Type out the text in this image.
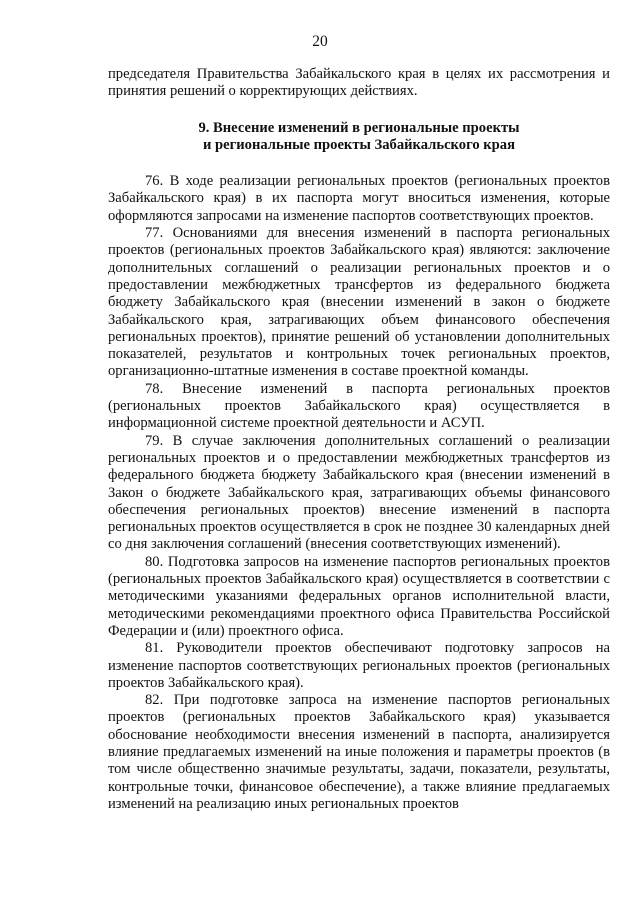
20

председателя Правительства Забайкальского края в целях их рассмотрения и принятия решений о корректирующих действиях.

9. Внесение изменений в региональные проекты
и региональные проекты Забайкальского края

76. В ходе реализации региональных проектов (региональных проектов Забайкальского края) в их паспорта могут вноситься изменения, которые оформляются запросами на изменение паспортов соответствующих проектов.

77. Основаниями для внесения изменений в паспорта региональных проектов (региональных проектов Забайкальского края) являются: заключение дополнительных соглашений о реализации региональных проектов и о предоставлении межбюджетных трансфертов из федерального бюджета бюджету Забайкальского края (внесении изменений в закон о бюджете Забайкальского края, затрагивающих объем финансового обеспечения региональных проектов), принятие решений об установлении дополнительных показателей, результатов и контрольных точек региональных проектов, организационно-штатные изменения в составе проектной команды.

78. Внесение изменений в паспорта региональных проектов (региональных проектов Забайкальского края) осуществляется в информационной системе проектной деятельности и АСУП.

79. В случае заключения дополнительных соглашений о реализации региональных проектов и о предоставлении межбюджетных трансфертов из федерального бюджета бюджету Забайкальского края (внесении изменений в Закон о бюджете Забайкальского края, затрагивающих объемы финансового обеспечения региональных проектов) внесение изменений в паспорта региональных проектов осуществляется в срок не позднее 30 календарных дней со дня заключения соглашений (внесения соответствующих изменений).

80. Подготовка запросов на изменение паспортов региональных проектов (региональных проектов Забайкальского края) осуществляется в соответствии с методическими указаниями федеральных органов исполнительной власти, методическими рекомендациями проектного офиса Правительства Российской Федерации и (или) проектного офиса.

81. Руководители проектов обеспечивают подготовку запросов на изменение паспортов соответствующих региональных проектов (региональных проектов Забайкальского края).

82. При подготовке запроса на изменение паспортов региональных проектов (региональных проектов Забайкальского края) указывается обоснование необходимости внесения изменений в паспорта, анализируется влияние предлагаемых изменений на иные положения и параметры проектов (в том числе общественно значимые результаты, задачи, показатели, результаты, контрольные точки, финансовое обеспечение), а также влияние предлагаемых изменений на реализацию иных региональных проектов
